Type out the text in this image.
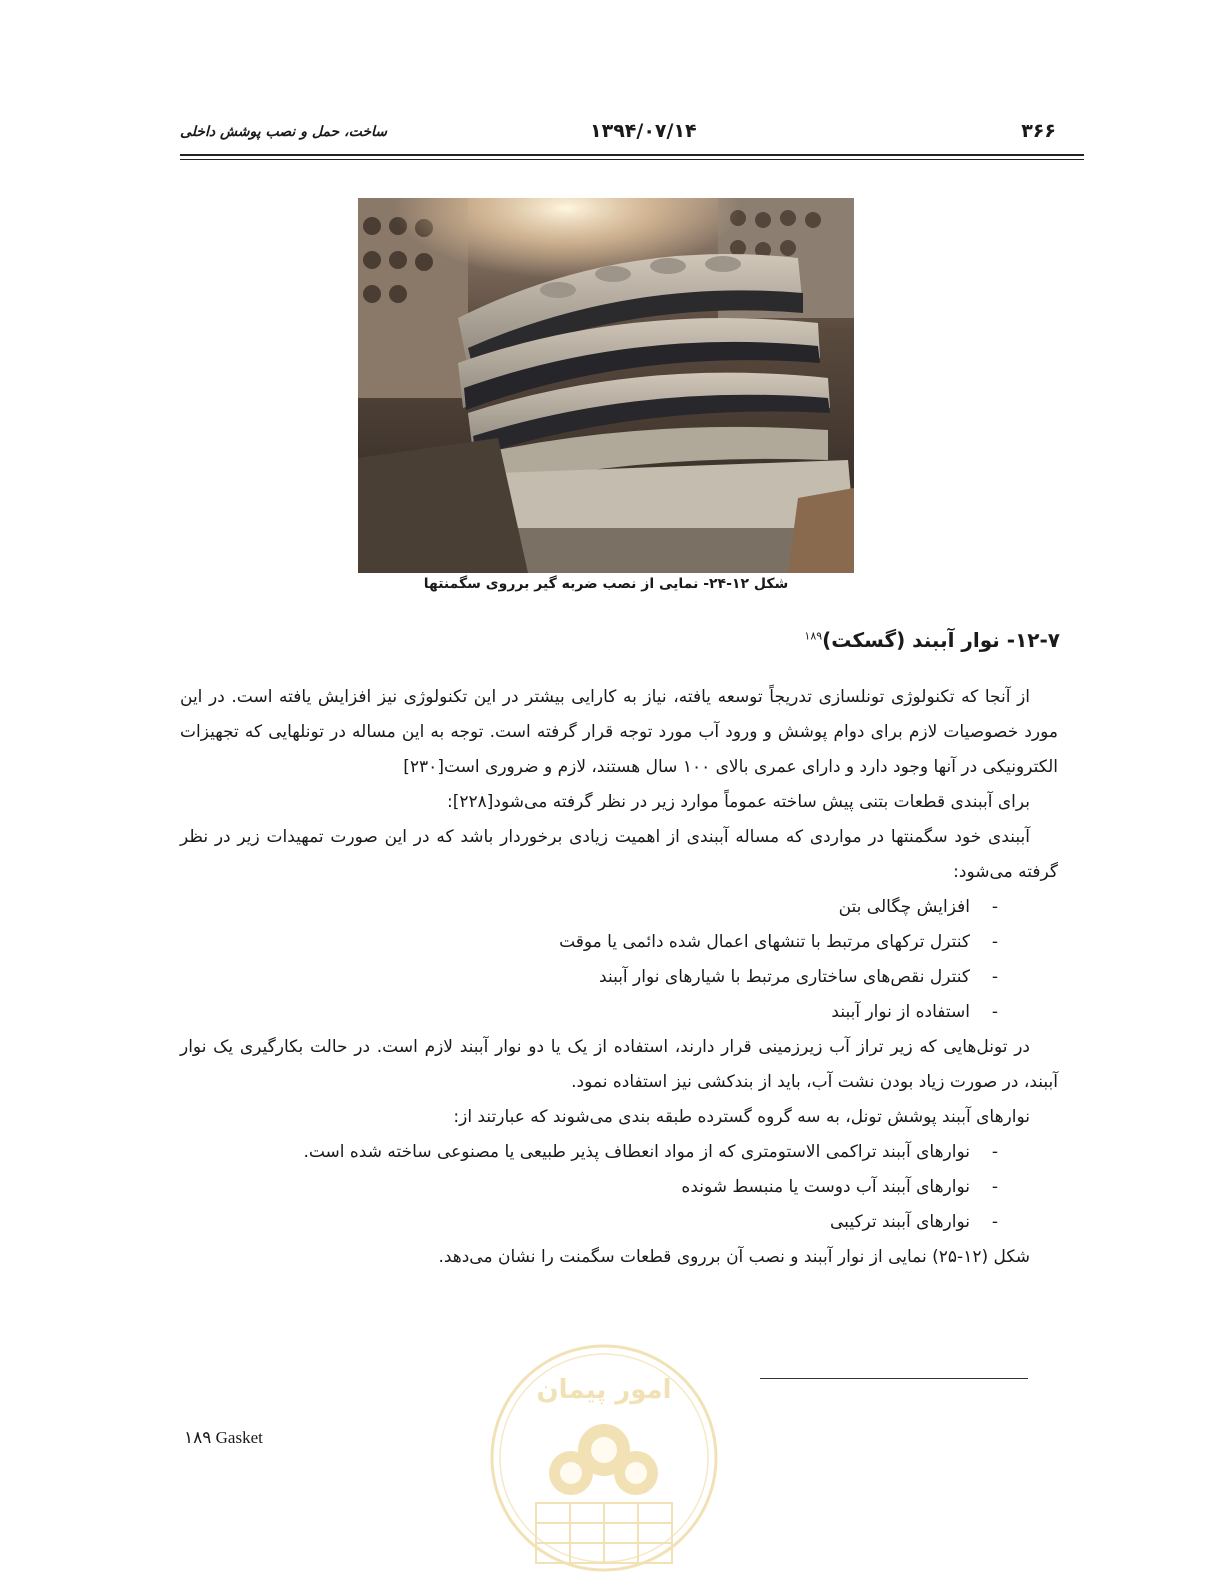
ساخت، حمل و نصب پوشش داخلی	۱۳۹۴/۰۷/۱۴	۳۶۶
شکل ۱۲-۲۴- نمایی از نصب ضربه گیر برروی سگمنتها
۱۲-۷- نوار آببند (گسکت)$^{۱۸۹}$

از آنجا که تکنولوژی تونلسازی تدریجاً توسعه یافته، نیاز به کارایی بیشتر در این تکنولوژی نیز افزایش یافته است. در این مورد خصوصیات لازم برای دوام پوشش و ورود آب مورد توجه قرار گرفته است. توجه به این مساله در تونلهایی که تجهیزات الکترونیکی در آنها وجود دارد و دارای عمری بالای ۱۰۰ سال هستند، لازم و ضروری است[۲۳۰]

برای آببندی قطعات بتنی پیش ساخته عموماً موارد زیر در نظر گرفته می‌شود[۲۲۸]:

آببندی خود سگمنتها در مواردی که مساله آببندی از اهمیت زیادی برخوردار باشد که در این صورت تمهیدات زیر در نظر گرفته می‌شود:

-افزایش چگالی بتن

-کنترل ترکهای مرتبط با تنشهای اعمال شده دائمی یا موقت

-کنترل نقص‌های ساختاری مرتبط با شیارهای نوار آببند

-استفاده از نوار آببند

در تونل‌هایی که زیر تراز آب زیرزمینی قرار دارند، استفاده از یک یا دو نوار آببند لازم است. در حالت بکارگیری یک نوار آببند، در صورت زیاد بودن نشت آب، باید از بندکشی نیز استفاده نمود.

نوارهای آببند پوشش تونل، به سه گروه گسترده طبقه بندی می‌شوند که عبارتند از:

-نوارهای آببند تراکمی الاستومتری که از مواد انعطاف پذیر طبیعی یا مصنوعی ساخته شده است.

-نوارهای آببند آب دوست یا منبسط شونده

-نوارهای آببند ترکیبی

شکل (۱۲-۲۵) نمایی از نوار آببند و نصب آن برروی قطعات سگمنت را نشان می‌دهد.

امور پیمان
۱۸۹ Gasket
